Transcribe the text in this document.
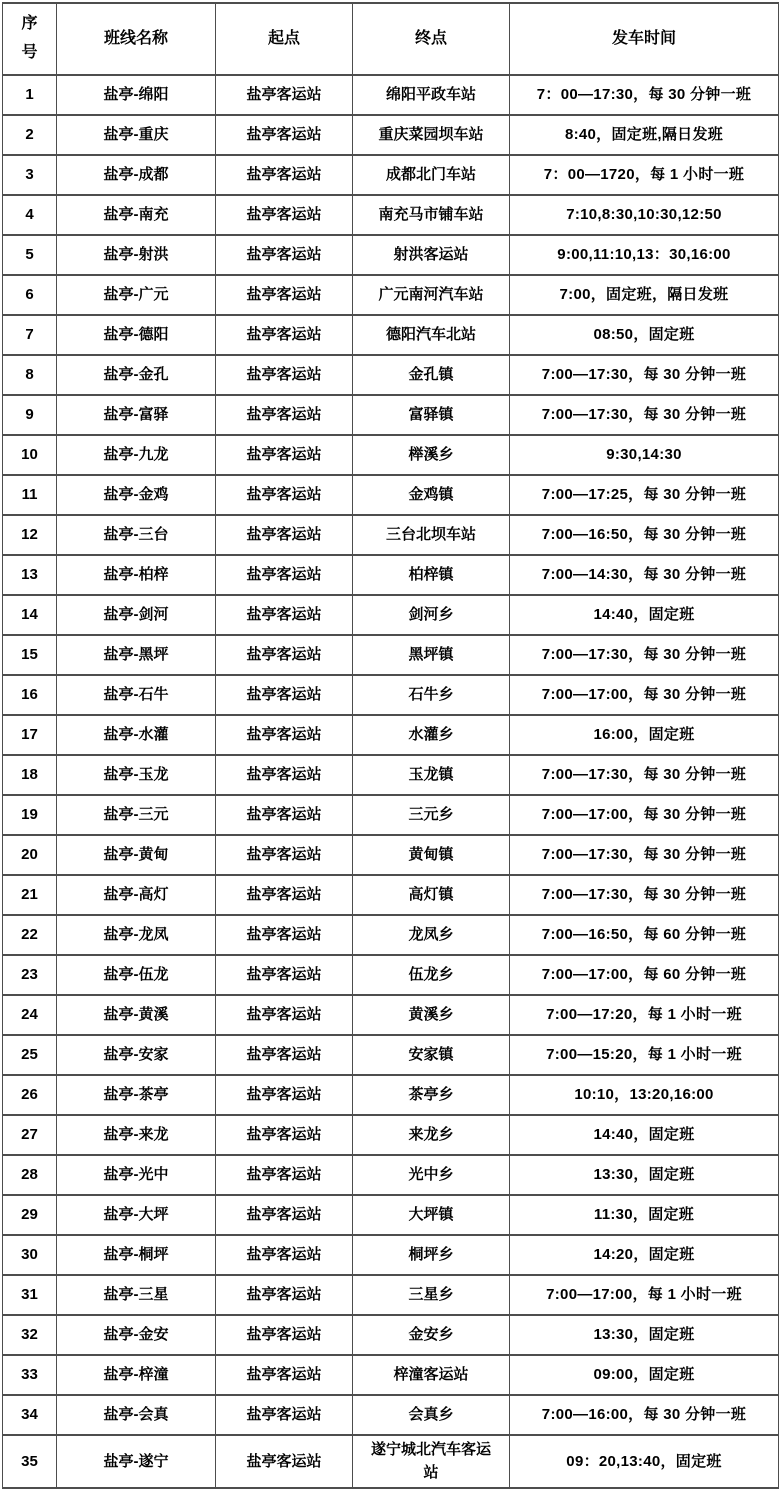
序号	班线名称	起点	终点	发车时间
1	盐亭-绵阳	盐亭客运站	绵阳平政车站	7：00—17:30，每 30 分钟一班
2	盐亭-重庆	盐亭客运站	重庆菜园坝车站	8:40，固定班,隔日发班
3	盐亭-成都	盐亭客运站	成都北门车站	7：00—1720，每 1 小时一班
4	盐亭-南充	盐亭客运站	南充马市铺车站	7:10,8:30,10:30,12:50
5	盐亭-射洪	盐亭客运站	射洪客运站	9:00,11:10,13：30,16:00
6	盐亭-广元	盐亭客运站	广元南河汽车站	7:00，固定班，隔日发班
7	盐亭-德阳	盐亭客运站	德阳汽车北站	08:50，固定班
8	盐亭-金孔	盐亭客运站	金孔镇	7:00—17:30，每 30 分钟一班
9	盐亭-富驿	盐亭客运站	富驿镇	7:00—17:30，每 30 分钟一班
10	盐亭-九龙	盐亭客运站	榉溪乡	9:30,14:30
11	盐亭-金鸡	盐亭客运站	金鸡镇	7:00—17:25，每 30 分钟一班
12	盐亭-三台	盐亭客运站	三台北坝车站	7:00—16:50，每 30 分钟一班
13	盐亭-柏梓	盐亭客运站	柏梓镇	7:00—14:30，每 30 分钟一班
14	盐亭-剑河	盐亭客运站	剑河乡	14:40，固定班
15	盐亭-黑坪	盐亭客运站	黑坪镇	7:00—17:30，每 30 分钟一班
16	盐亭-石牛	盐亭客运站	石牛乡	7:00—17:00，每 30 分钟一班
17	盐亭-水灌	盐亭客运站	水灌乡	16:00，固定班
18	盐亭-玉龙	盐亭客运站	玉龙镇	7:00—17:30，每 30 分钟一班
19	盐亭-三元	盐亭客运站	三元乡	7:00—17:00，每 30 分钟一班
20	盐亭-黄甸	盐亭客运站	黄甸镇	7:00—17:30，每 30 分钟一班
21	盐亭-高灯	盐亭客运站	高灯镇	7:00—17:30，每 30 分钟一班
22	盐亭-龙凤	盐亭客运站	龙凤乡	7:00—16:50，每 60 分钟一班
23	盐亭-伍龙	盐亭客运站	伍龙乡	7:00—17:00，每 60 分钟一班
24	盐亭-黄溪	盐亭客运站	黄溪乡	7:00—17:20，每 1 小时一班
25	盐亭-安家	盐亭客运站	安家镇	7:00—15:20，每 1 小时一班
26	盐亭-茶亭	盐亭客运站	茶亭乡	10:10，13:20,16:00
27	盐亭-来龙	盐亭客运站	来龙乡	14:40，固定班
28	盐亭-光中	盐亭客运站	光中乡	13:30，固定班
29	盐亭-大坪	盐亭客运站	大坪镇	11:30，固定班
30	盐亭-桐坪	盐亭客运站	桐坪乡	14:20，固定班
31	盐亭-三星	盐亭客运站	三星乡	7:00—17:00，每 1 小时一班
32	盐亭-金安	盐亭客运站	金安乡	13:30，固定班
33	盐亭-梓潼	盐亭客运站	梓潼客运站	09:00，固定班
34	盐亭-会真	盐亭客运站	会真乡	7:00—16:00，每 30 分钟一班
35	盐亭-遂宁	盐亭客运站	遂宁城北汽车客运站	09：20,13:40，固定班
